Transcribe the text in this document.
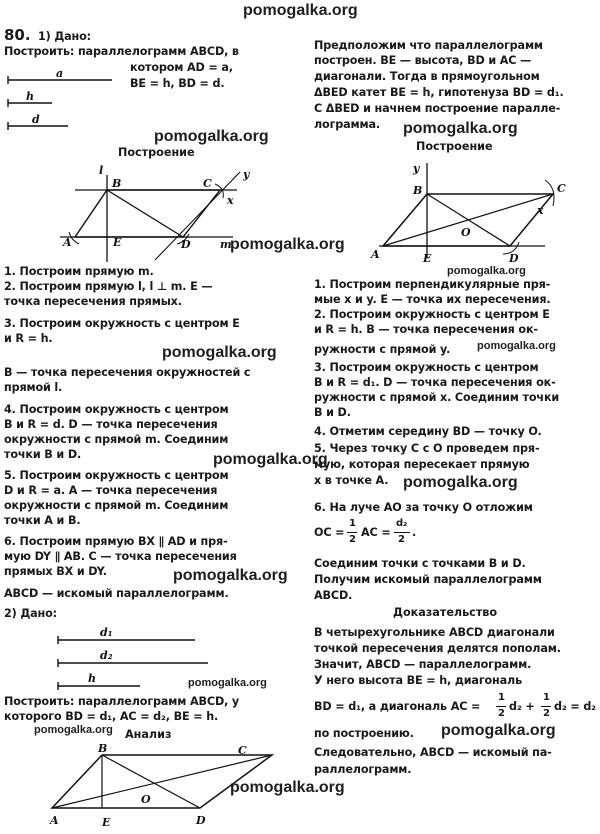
pomogalka.org
pomogalka.org	pomogalka.org
pomogalka.org
pomogalka.org
pomogalka.org
pomogalka.org
pomogalka.org
pomogalka.org
pomogalka.org
pomogalka.org
pomogalka.org
pomogalka.org
pomogalka.org
80. 1) Дано:
Построить: параллелограмм ABCD, в
котором AD = a,
BE = h, BD = d.
a
h
d
Построение
l	y
B	C
x
A	E	D	m
1. Построим прямую m.
2. Построим прямую l, l ⊥ m. E —
точка пересечения прямых.
3. Построим окружность с центром E
и R = h.
B — точка пересечения окружностей с
прямой l.
4. Построим окружность с центром
B и R = d. D — точка пересечения
окружности с прямой m. Соединим
точки B и D.
5. Построим окружность с центром
D и R = a. A — точка пересечения
окружности с прямой m. Соединим
точки A и B.
6. Построим прямую BX ∥ AD и пря-
мую DY ∥ AB. C — точка пересечения
прямых BX и DY.
ABCD — искомый параллелограмм.
2) Дано:
d₁
d₂
h
Построить: параллелограмм ABCD, у
которого BD = d₁, AC = d₂, BE = h.
Анализ
B	C
O
A	E	D
Предположим что параллелограмм
построен. BE — высота, BD и AC —
диагонали. Тогда в прямоугольном
ΔBED катет BE = h, гипотенуза BD = d₁.
С ΔBED и начнем построение паралле-
лограмма.
Построение
y
B	C
x
O
A	E	D
1. Построим перпендикулярные пря-
мые x и y. E — точка их пересечения.
2. Построим окружность с центром E
и R = h. B — точка пересечения ок-
ружности с прямой y.
3. Построим окружность с центром
B и R = d₁. D — точка пересечения ок-
ружности с прямой x. Соединим точки
B и D.
4. Отметим середину BD — точку O.
5. Через точку C с O проведем пря-
мую, которая пересекает прямую
x в точке A.
6. На луче AO за точку O отложим
OC =
1
2
AC =
d₂
2
.
Соединим точки с точками B и D.
Получим искомый параллелограмм
ABCD.
Доказательство
В четырехугольнике ABCD диагонали
точкой пересечения делятся пополам.
Значит, ABCD — параллелограмм.
У него высота BE = h, диагональ
BD = d₁, а диагональ AC =
1
2
d₂ +
1
2
d₂ = d₂
по построению.
Следовательно, ABCD — искомый па-
раллелограмм.
